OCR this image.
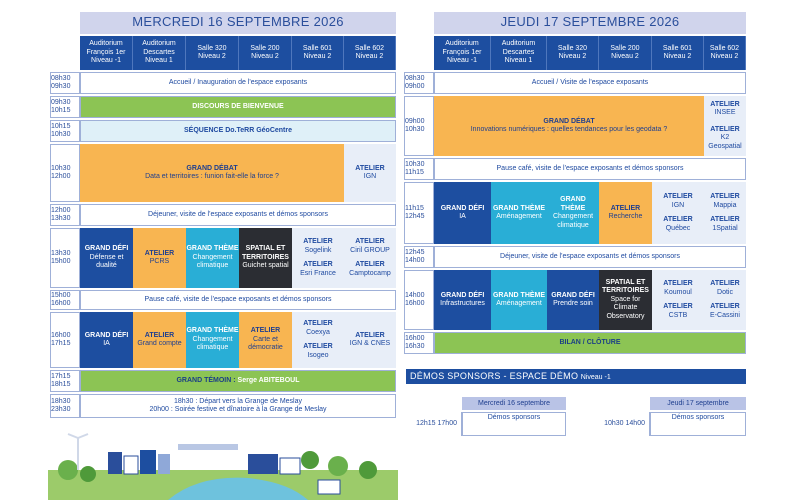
MERCREDI 16 SEPTEMBRE 2026
Auditorium François 1er Niveau -1
Auditorium Descartes Niveau 1
Salle 320 Niveau 2
Salle 200 Niveau 2
Salle 601 Niveau 2
Salle 602 Niveau 2
08h30 09h30
09h30 10h15
10h15 10h30
10h30 12h00
12h00 13h30
13h30 15h00
15h00 16h00
16h00 17h15
17h15 18h15
18h30 23h30
Accueil / Inauguration de l'espace exposants
DISCOURS DE BIENVENUE
SÉQUENCE Do.TeRR GéoCentre
GRAND DÉBAT
Data et territoires : funion fait-elle la force ?
ATELIER
IGN
Déjeuner, visite de l'espace exposants et démos sponsors
GRAND DÉFI
Défense et dualité
ATELIER
PCRS
GRAND THÈME
Changement climatique
SPATIAL ET TERRITOIRES
Guichet spatial
ATELIER
Sogelink
ATELIER
Esri France
ATELIER
Ciril GROUP
ATELIER
Camptocamp
Pause café, visite de l'espace exposants et démos sponsors
GRAND DÉFI
IA
ATELIER
Grand compte
GRAND THÈME
Changement climatique
ATELIER
Carte et démocratie
ATELIER
Coexya
ATELIER
Isogeo
ATELIER
IGN & CNES
GRAND TÉMOIN :
Serge ABITEBOUL
18h30 : Départ vers la Grange de Meslay
20h00 : Soirée festive et dînatoire à la Grange de Meslay
JEUDI 17 SEPTEMBRE 2026
Auditorium François 1er Niveau -1
Auditorium Descartes Niveau 1
Salle 320 Niveau 2
Salle 200 Niveau 2
Salle 601 Niveau 2
Salle 602 Niveau 2
08h30 09h00
09h00 10h30
10h30 11h15
11h15 12h45
12h45 14h00
14h00 16h00
16h00 16h30
Accueil / Visite de l'espace exposants
GRAND DÉBAT
Innovations numériques : quelles tendances pour les geodata ?
ATELIER
INSEE
ATELIER
K2 Geospatial
Pause café, visite de l'espace exposants et démos sponsors
GRAND DÉFI
IA
GRAND THÈME
Aménagement
GRAND THÈME
Changement climatique
ATELIER
Recherche
ATELIER
IGN
ATELIER
Québec
ATELIER
Mappia
ATELIER
1Spatial
Déjeuner, visite de l'espace exposants et démos sponsors
GRAND DÉFI
Infrastructures
GRAND THÈME
Aménagement
GRAND DÉFI
Prendre soin
SPATIAL ET TERRITOIRES
Space for Climate Observatory
ATELIER
Koumoul
ATELIER
CSTB
ATELIER
Dotic
ATELIER
E-Cassini
BILAN / CLÔTURE
DÉMOS SPONSORS - ESPACE DÉMO Niveau -1
Mercredi 16 septembre
12h15 17h00
Démos sponsors
Jeudi 17 septembre
10h30 14h00
Démos sponsors
